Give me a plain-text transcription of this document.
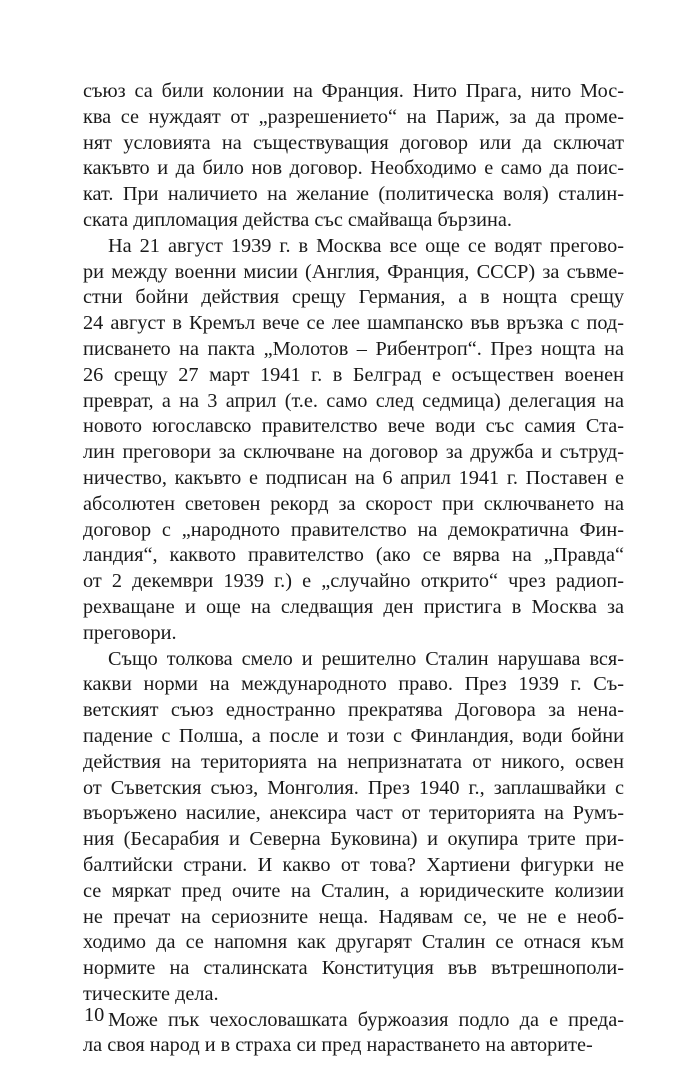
съюз са били колонии на Франция. Нито Прага, нито Мос-
ква се нуждаят от „разрешението“ на Париж, за да проме-
нят условията на съществуващия договор или да сключат
какъвто и да било нов договор. Необходимо е само да поис-
кат. При наличието на желание (политическа воля) сталин-
ската дипломация действа със смайваща бързина.
На 21 август 1939 г. в Москва все още се водят прегово-
ри между военни мисии (Англия, Франция, СССР) за съвме-
стни бойни действия срещу Германия, а в нощта срещу
24 август в Кремъл вече се лее шампанско във връзка с под-
писването на пакта „Молотов – Рибентроп“. През нощта на
26 срещу 27 март 1941 г. в Белград е осъществен военен
преврат, а на 3 април (т.е. само след седмица) делегация на
новото югославско правителство вече води със самия Ста-
лин преговори за сключване на договор за дружба и сътруд-
ничество, какъвто е подписан на 6 април 1941 г. Поставен е
абсолютен световен рекорд за скорост при сключването на
договор с „народното правителство на демократична Фин-
ландия“, каквото правителство (ако се вярва на „Правда“
от 2 декември 1939 г.) е „случайно открито“ чрез радиоп-
рехващане и още на следващия ден пристига в Москва за
преговори.
Също толкова смело и решително Сталин нарушава вся-
какви норми на международното право. През 1939 г. Съ-
ветският съюз едностранно прекратява Договора за нена-
падение с Полша, а после и този с Финландия, води бойни
действия на територията на непризнатата от никого, освен
от Съветския съюз, Монголия. През 1940 г., заплашвайки с
въоръжено насилие, анексира част от територията на Румъ-
ния (Бесарабия и Северна Буковина) и окупира трите при-
балтийски страни. И какво от това? Хартиени фигурки не
се мяркат пред очите на Сталин, а юридическите колизии
не пречат на сериозните неща. Надявам се, че не е необ-
ходимо да се напомня как другарят Сталин се отнася към
нормите на сталинската Конституция във вътрешнополи-
тическите дела.
Може пък чехословашката буржоазия подло да е преда-
ла своя народ и в страха си пред нарастването на авторите-
10
